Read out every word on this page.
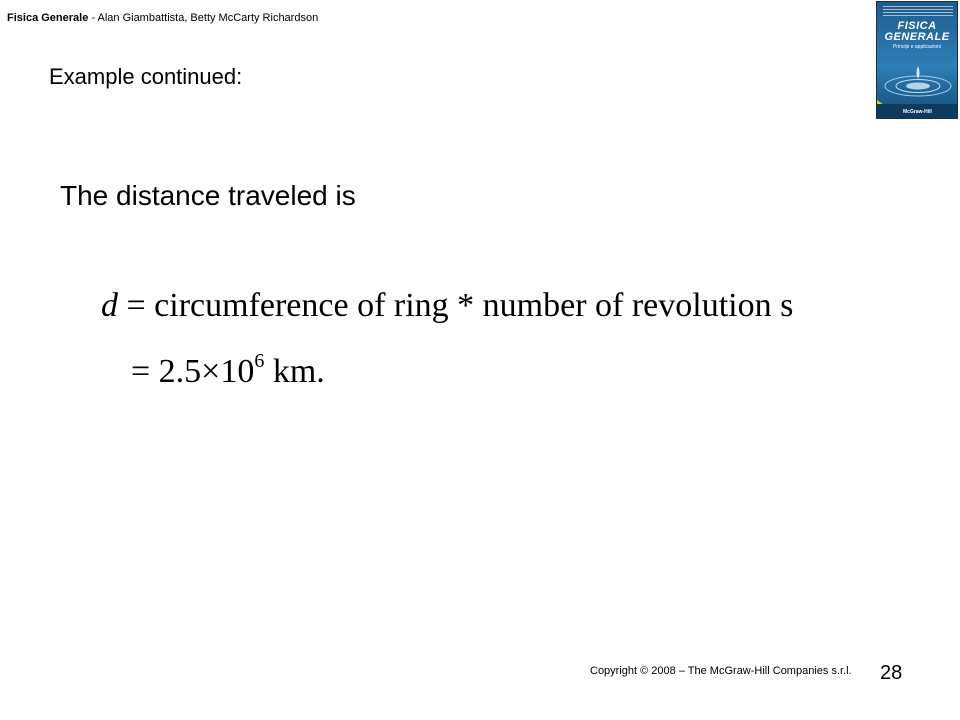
Fisica Generale - Alan Giambattista, Betty McCarty Richardson
FISICA
GENERALE
Principi e applicazioni
McGraw-Hill
Example continued:
The distance traveled is
d = circumference of ring * number of revolution s
= $2.5\times 10^6$ km.
Copyright © 2008 – The McGraw-Hill Companies s.r.l. 28
